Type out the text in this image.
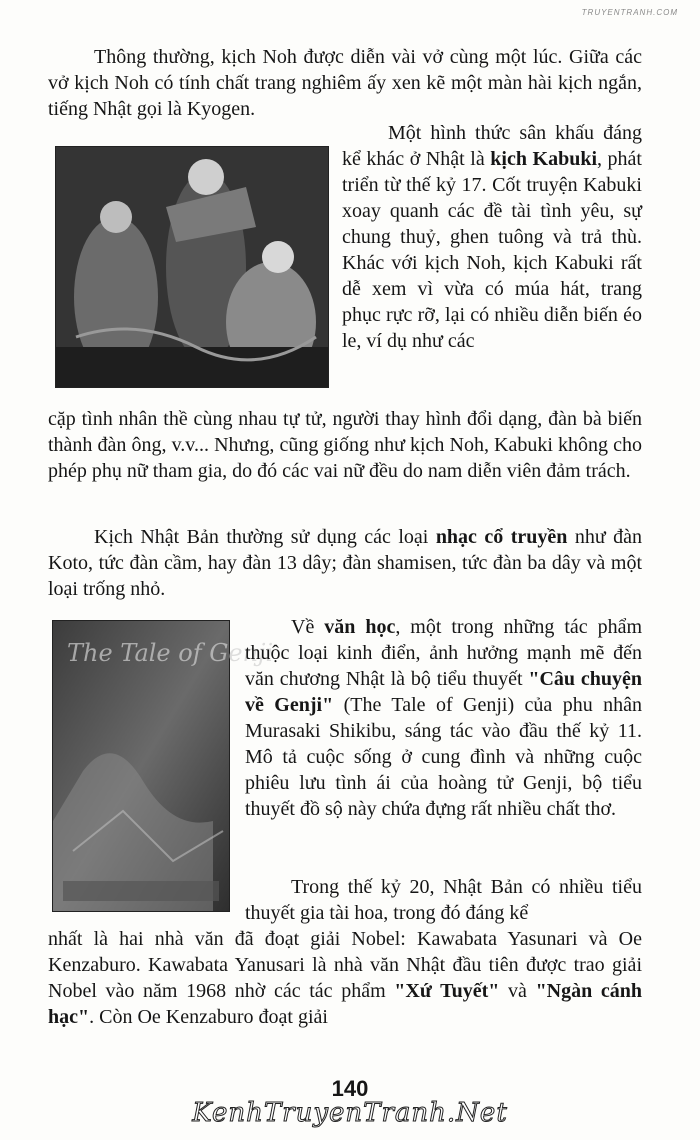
TRUYENTRANH.COM

Thông thường, kịch Noh được diễn vài vở cùng một lúc. Giữa các vở kịch Noh có tính chất trang nghiêm ấy xen kẽ một màn hài kịch ngắn, tiếng Nhật gọi là Kyogen.

Một hình thức sân khấu đáng kể khác ở Nhật là kịch Kabuki, phát triển từ thế kỷ 17. Cốt truyện Kabuki xoay quanh các đề tài tình yêu, sự chung thuỷ, ghen tuông và trả thù. Khác với kịch Noh, kịch Kabuki rất dễ xem vì vừa có múa hát, trang phục rực rỡ, lại có nhiều diễn biến éo le, ví dụ như các

cặp tình nhân thề cùng nhau tự tử, người thay hình đổi dạng, đàn bà biến thành đàn ông, v.v... Nhưng, cũng giống như kịch Noh, Kabuki không cho phép phụ nữ tham gia, do đó các vai nữ đều do nam diễn viên đảm trách.

Kịch Nhật Bản thường sử dụng các loại nhạc cổ truyền như đàn Koto, tức đàn cầm, hay đàn 13 dây; đàn shamisen, tức đàn ba dây và một loại trống nhỏ.

The Tale of Genji

Về văn học, một trong những tác phẩm thuộc loại kinh điển, ảnh hưởng mạnh mẽ đến văn chương Nhật là bộ tiểu thuyết "Câu chuyện về Genji" (The Tale of Genji) của phu nhân Murasaki Shikibu, sáng tác vào đầu thế kỷ 11. Mô tả cuộc sống ở cung đình và những cuộc phiêu lưu tình ái của hoàng tử Genji, bộ tiểu thuyết đồ sộ này chứa đựng rất nhiều chất thơ.

Trong thế kỷ 20, Nhật Bản có nhiều tiểu thuyết gia tài hoa, trong đó đáng kể

nhất là hai nhà văn đã đoạt giải Nobel: Kawabata Yasunari và Oe Kenzaburo. Kawabata Yanusari là nhà văn Nhật đầu tiên được trao giải Nobel vào năm 1968 nhờ các tác phẩm "Xứ Tuyết" và "Ngàn cánh hạc". Còn Oe Kenzaburo đoạt giải

140
KenhTruyenTranh.Net
